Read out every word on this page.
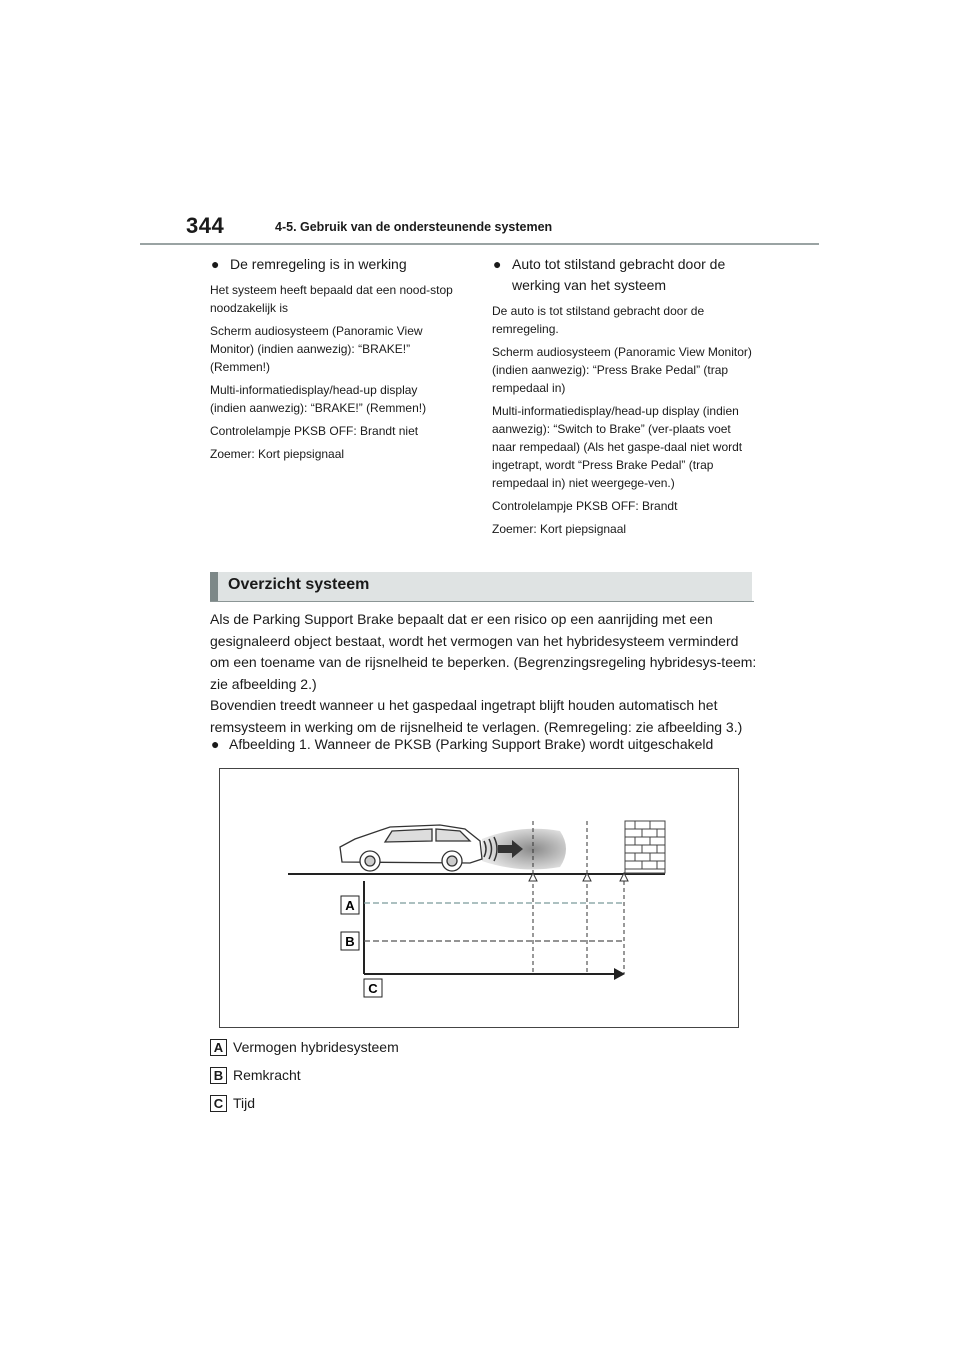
344	4-5. Gebruik van de ondersteunende systemen
● De remregeling is in werking
Het systeem heeft bepaald dat een nood-stop noodzakelijk is
Scherm audiosysteem (Panoramic View Monitor) (indien aanwezig): “BRAKE!” (Remmen!)
Multi-informatiedisplay/head-up display (indien aanwezig): “BRAKE!” (Remmen!)
Controlelampje PKSB OFF: Brandt niet
Zoemer: Kort piepsignaal
● Auto tot stilstand gebracht door de werking van het systeem
De auto is tot stilstand gebracht door de remregeling.
Scherm audiosysteem (Panoramic View Monitor) (indien aanwezig): “Press Brake Pedal” (trap rempedaal in)
Multi-informatiedisplay/head-up display (indien aanwezig): “Switch to Brake” (ver-plaats voet naar rempedaal) (Als het gaspe-daal niet wordt ingetrapt, wordt “Press Brake Pedal” (trap rempedaal in) niet weergege-ven.)
Controlelampje PKSB OFF: Brandt
Zoemer: Kort piepsignaal
Overzicht systeem
Als de Parking Support Brake bepaalt dat er een risico op een aanrijding met een gesignaleerd object bestaat, wordt het vermogen van het hybridesysteem verminderd om een toename van de rijsnelheid te beperken. (Begrenzingsregeling hybridesys-teem: zie afbeelding 2.)
Bovendien treedt wanneer u het gaspedaal ingetrapt blijft houden automatisch het remsysteem in werking om de rijsnelheid te verlagen. (Remregeling: zie afbeelding 3.)
● Afbeelding 1. Wanneer de PKSB (Parking Support Brake) wordt uitgeschakeld
A
B
C
A Vermogen hybridesysteem
B Remkracht
C Tijd
